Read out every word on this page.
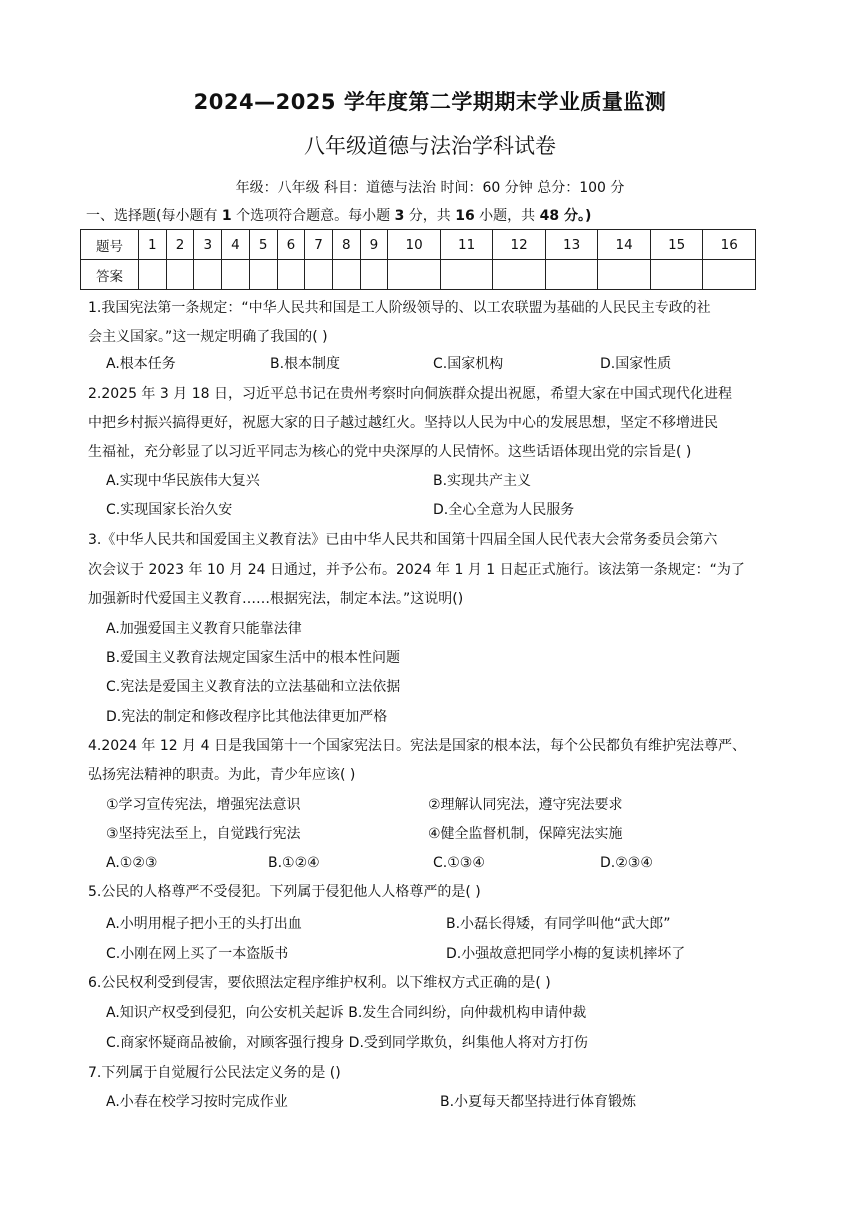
2024—2025 学年度第二学期期末学业质量监测
八年级道德与法治学科试卷
年级：八年级 科目：道德与法治 时间：60 分钟 总分：100 分
一、选择题(每小题有 1 个选项符合题意。每小题 3 分，共 16 小题，共 48 分。)
题号	1	2	3	4	5	6	7	8	9	10	11	12	13	14	15	16
答案																
1.我国宪法第一条规定：“中华人民共和国是工人阶级领导的、以工农联盟为基础的人民民主专政的社
会主义国家。”这一规定明确了我国的( )
A.根本任务	B.根本制度	C.国家机构	D.国家性质
2.2025 年 3 月 18 日，习近平总书记在贵州考察时向侗族群众提出祝愿，希望大家在中国式现代化进程
中把乡村振兴搞得更好，祝愿大家的日子越过越红火。坚持以人民为中心的发展思想，坚定不移增进民
生福祉，充分彰显了以习近平同志为核心的党中央深厚的人民情怀。这些话语体现出党的宗旨是( )
A.实现中华民族伟大复兴	B.实现共产主义
C.实现国家长治久安	D.全心全意为人民服务
3.《中华人民共和国爱国主义教育法》已由中华人民共和国第十四届全国人民代表大会常务委员会第六
次会议于 2023 年 10 月 24 日通过，并予公布。2024 年 1 月 1 日起正式施行。该法第一条规定：“为了
加强新时代爱国主义教育……根据宪法，制定本法。”这说明()
A.加强爱国主义教育只能靠法律
B.爱国主义教育法规定国家生活中的根本性问题
C.宪法是爱国主义教育法的立法基础和立法依据
D.宪法的制定和修改程序比其他法律更加严格
4.2024 年 12 月 4 日是我国第十一个国家宪法日。宪法是国家的根本法，每个公民都负有维护宪法尊严、
弘扬宪法精神的职责。为此，青少年应该( )
①学习宣传宪法，增强宪法意识	②理解认同宪法，遵守宪法要求
③坚持宪法至上，自觉践行宪法	④健全监督机制，保障宪法实施
A.①②③	B.①②④	C.①③④	D.②③④
5.公民的人格尊严不受侵犯。下列属于侵犯他人人格尊严的是( )
A.小明用棍子把小王的头打出血	B.小磊长得矮，有同学叫他“武大郎”
C.小刚在网上买了一本盗版书	D.小强故意把同学小梅的复读机摔坏了
6.公民权利受到侵害，要依照法定程序维护权利。以下维权方式正确的是( )
A.知识产权受到侵犯，向公安机关起诉 B.发生合同纠纷，向仲裁机构申请仲裁
C.商家怀疑商品被偷，对顾客强行搜身 D.受到同学欺负，纠集他人将对方打伤
7.下列属于自觉履行公民法定义务的是 ()
A.小春在校学习按时完成作业	B.小夏每天都坚持进行体育锻炼
